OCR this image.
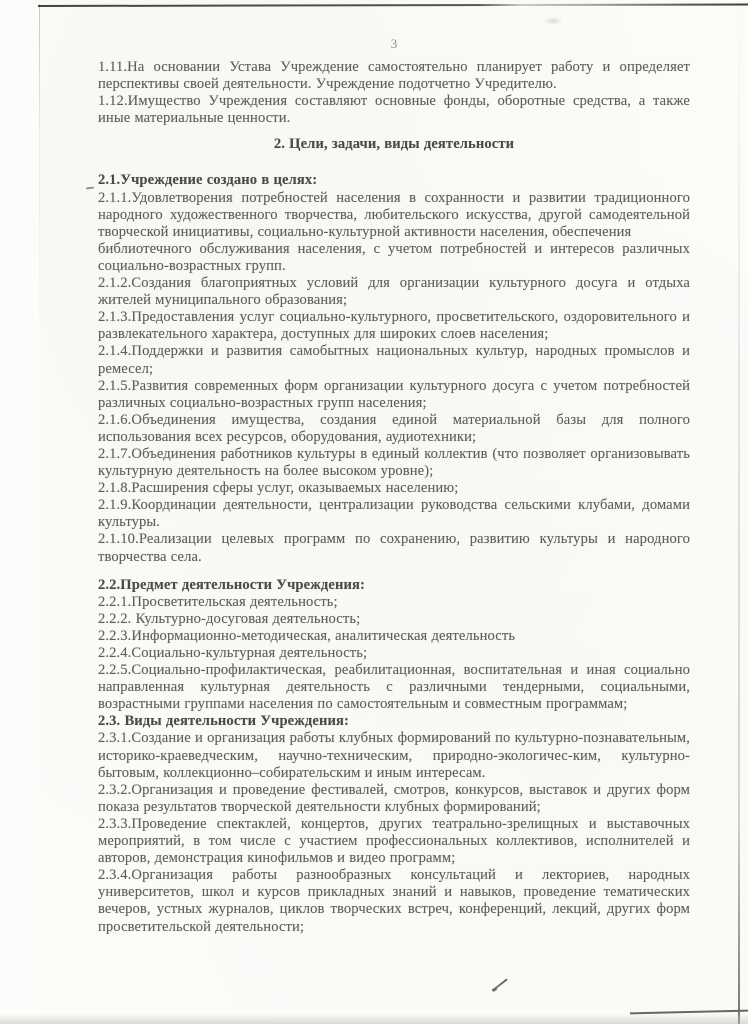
3

1.11.На основании Устава Учреждение самостоятельно планирует работу и определяет перспективы своей деятельности. Учреждение подотчетно Учредителю.

1.12.Имущество Учреждения составляют основные фонды, оборотные средства, а также иные материальные ценности.

2. Цели, задачи, виды деятельности

2.1.Учреждение создано в целях:

2.1.1.Удовлетворения потребностей населения в сохранности и развитии традиционного народного художественного творчества, любительского искусства, другой самодеятельной творческой инициативы, социально-культурной активности населения, обеспечения
библиотечного обслуживания населения, с учетом потребностей и интересов различных социально-возрастных групп.

2.1.2.Создания благоприятных условий для организации культурного досуга и отдыха жителей муниципального образования;

2.1.3.Предоставления услуг социально-культурного, просветительского, оздоровительного и развлекательного характера, доступных для широких слоев населения;

2.1.4.Поддержки и развития самобытных национальных культур, народных промыслов и ремесел;

2.1.5.Развития современных форм организации культурного досуга с учетом потребностей различных социально-возрастных групп населения;

2.1.6.Объединения имущества, создания единой материальной базы для полного использования всех ресурсов, оборудования, аудиотехники;

2.1.7.Объединения работников культуры в единый коллектив (что позволяет организовывать культурную деятельность на более высоком уровне);

2.1.8.Расширения сферы услуг, оказываемых населению;

2.1.9.Координации деятельности, централизации руководства сельскими клубами, домами культуры.

2.1.10.Реализации целевых программ по сохранению, развитию культуры и народного творчества села.

2.2.Предмет деятельности Учреждения:

2.2.1.Просветительская деятельность;

2.2.2. Культурно-досуговая деятельность;

2.2.3.Информационно-методическая, аналитическая деятельность

2.2.4.Социально-культурная деятельность;

2.2.5.Социально-профилактическая, реабилитационная, воспитательная и иная социально направленная культурная деятельность с различными тендерными, социальными, возрастными группами населения по самостоятельным и совместным программам;

2.3. Виды деятельности Учреждения:

2.3.1.Создание и организация работы клубных формирований по культурно-познавательным, историко-краеведческим, научно-техническим, природно-экологичес-ким, культурно-бытовым, коллекционно–собирательским и иным интересам.

2.3.2.Организация и проведение фестивалей, смотров, конкурсов, выставок и других форм показа результатов творческой деятельности клубных формирований;

2.3.3.Проведение спектаклей, концертов, других театрально-зрелищных и выставочных мероприятий, в том числе с участием профессиональных коллективов, исполнителей и авторов, демонстрация кинофильмов и видео программ;

2.3.4.Организация работы разнообразных консультаций и лекториев, народных университетов, школ и курсов прикладных знаний и навыков, проведение тематических вечеров, устных журналов, циклов творческих встреч, конференций, лекций, других форм просветительской деятельности;
